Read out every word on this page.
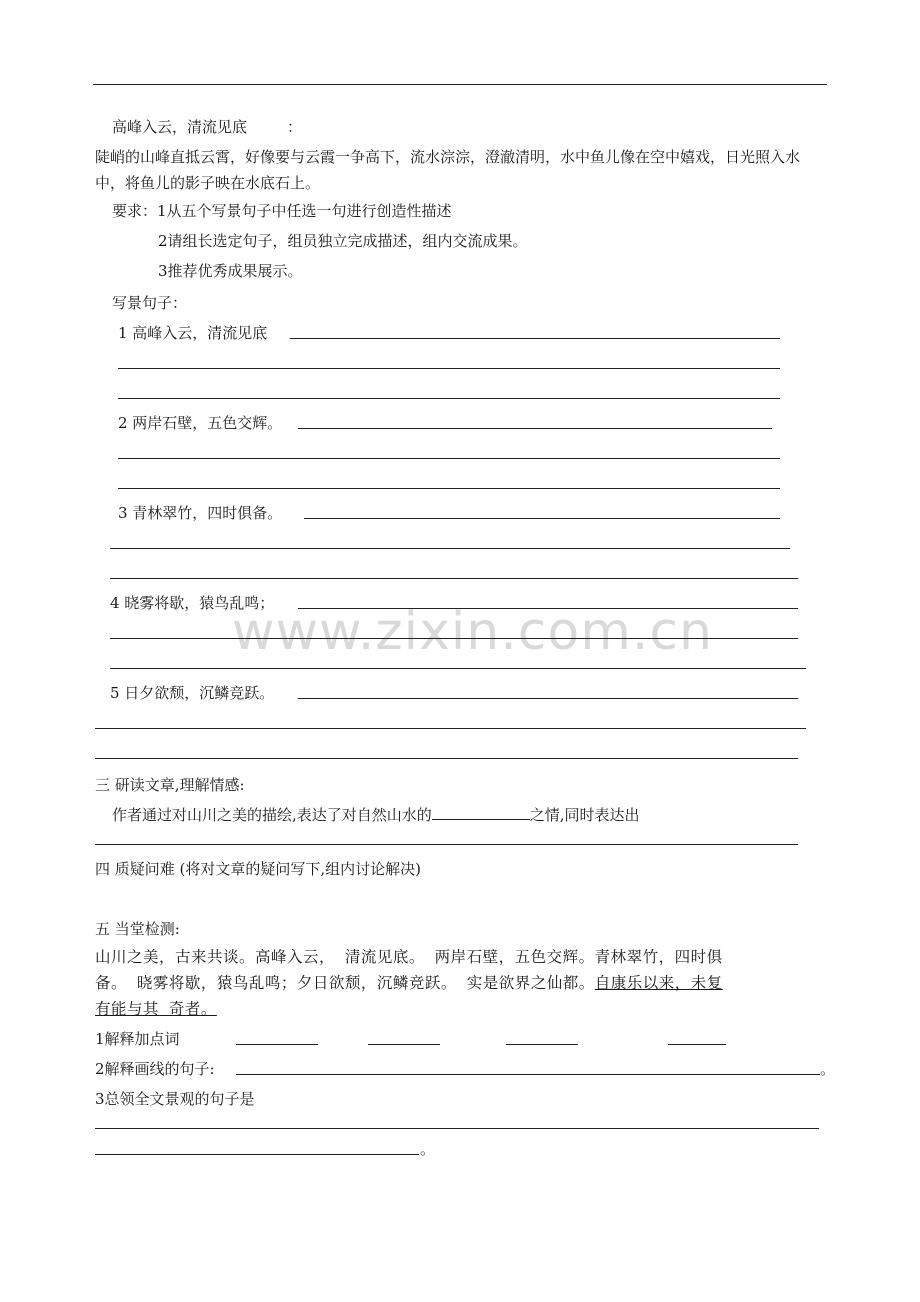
www.zixin.com.cn
高峰入云，清流见底	：
陡峭的山峰直抵云霄，好像要与云霞一争高下，流水淙淙，澄澈清明，水中鱼儿像在空中嬉戏，日光照入水中，将鱼儿的影子映在水底石上。
要求：1从五个写景句子中任选一句进行创造性描述
2请组长选定句子，组员独立完成描述，组内交流成果。
3推荐优秀成果展示。
写景句子：
1 高峰入云，清流见底
2 两岸石壁，五色交辉。
3 青林翠竹，四时俱备。
4 晓雾将歇，猿鸟乱鸣；
5 日夕欲颓，沉鳞竞跃。
三 研读文章,理解情感:
作者通过对山川之美的描绘,表达了对自然山水的	之情,同时表达出
四 质疑问难 (将对文章的疑问写下,组内讨论解决)
五 当堂检测:
山川之美，古来共谈。高峰入云， 清流见底。 两岸石壁，五色交辉。青林翠竹，四时俱
备。 晓雾将歇，猿鸟乱鸣；夕日欲颓，沉鳞竞跃。 实是欲界之仙都。自康乐以来，未复
有能与其 奇者。
1解释加点词
2解释画线的句子:	。
3总领全文景观的句子是
。
